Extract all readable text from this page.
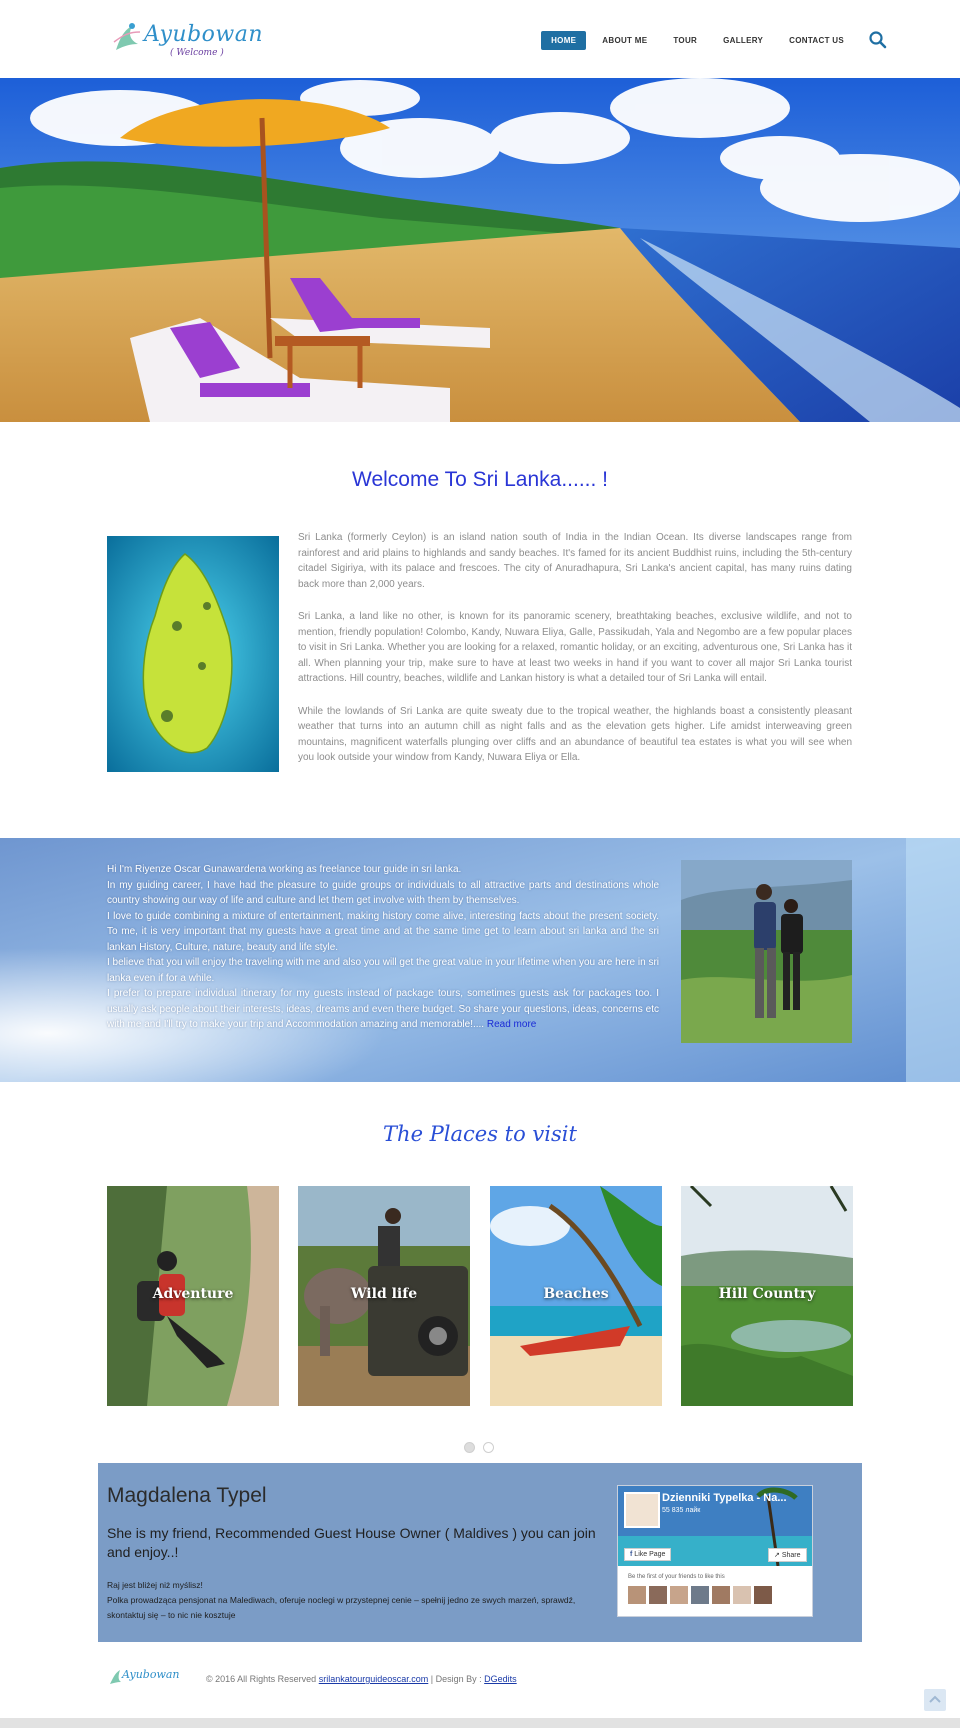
Ayubowan
( Welcome )
HOME	ABOUT ME	TOUR	GALLERY	CONTACT US
Welcome To Sri Lanka...... !

Sri Lanka (formerly Ceylon) is an island nation south of India in the Indian Ocean. Its diverse landscapes range from rainforest and arid plains to highlands and sandy beaches. It's famed for its ancient Buddhist ruins, including the 5th-century citadel Sigiriya, with its palace and frescoes. The city of Anuradhapura, Sri Lanka's ancient capital, has many ruins dating back more than 2,000 years.

Sri Lanka, a land like no other, is known for its panoramic scenery, breathtaking beaches, exclusive wildlife, and not to mention, friendly population! Colombo, Kandy, Nuwara Eliya, Galle, Passikudah, Yala and Negombo are a few popular places to visit in Sri Lanka. Whether you are looking for a relaxed, romantic holiday, or an exciting, adventurous one, Sri Lanka has it all. When planning your trip, make sure to have at least two weeks in hand if you want to cover all major Sri Lanka tourist attractions. Hill country, beaches, wildlife and Lankan history is what a detailed tour of Sri Lanka will entail.

While the lowlands of Sri Lanka are quite sweaty due to the tropical weather, the highlands boast a consistently pleasant weather that turns into an autumn chill as night falls and as the elevation gets higher. Life amidst interweaving green mountains, magnificent waterfalls plunging over cliffs and an abundance of beautiful tea estates is what you will see when you look outside your window from Kandy, Nuwara Eliya or Ella.

Hi I'm Riyenze Oscar Gunawardena working as freelance tour guide in sri lanka.

In my guiding career, I have had the pleasure to guide groups or individuals to all attractive parts and destinations whole country showing our way of life and culture and let them get involve with them by themselves.

I love to guide combining a mixture of entertainment, making history come alive, interesting facts about the present society. To me, it is very important that my guests have a great time and at the same time get to learn about sri lanka and the sri lankan History, Culture, nature, beauty and life style.

I believe that you will enjoy the traveling with me and also you will get the great value in your lifetime when you are here in sri lanka even if for a while.

I prefer to prepare individual itinerary for my guests instead of package tours, sometimes guests ask for packages too. I usually ask people about their interests, ideas, dreams and even there budget. So share your questions, ideas, concerns etc with me and I'll try to make your trip and Accommodation amazing and memorable!.... Read more

The Places to visit
Adventure	Wild life	Beaches	Hill Country
Magdalena Typel
She is my friend, Recommended Guest House Owner ( Maldives ) you can join and enjoy..!
Raj jest bliżej niż myślisz!
Polka prowadząca pensjonat na Malediwach, oferuje noclegi w przystepnej cenie – spełnij jedno ze swych marzeń, sprawdź, skontaktuj się – to nic nie kosztuje
Dzienniki Typelka - Na...
55 835 лайк
f Like Page	↗ Share
Be the first of your friends to like this
Ayubowan	© 2016 All Rights Reserved srilankatourguideoscar.com | Design By : DGedits
